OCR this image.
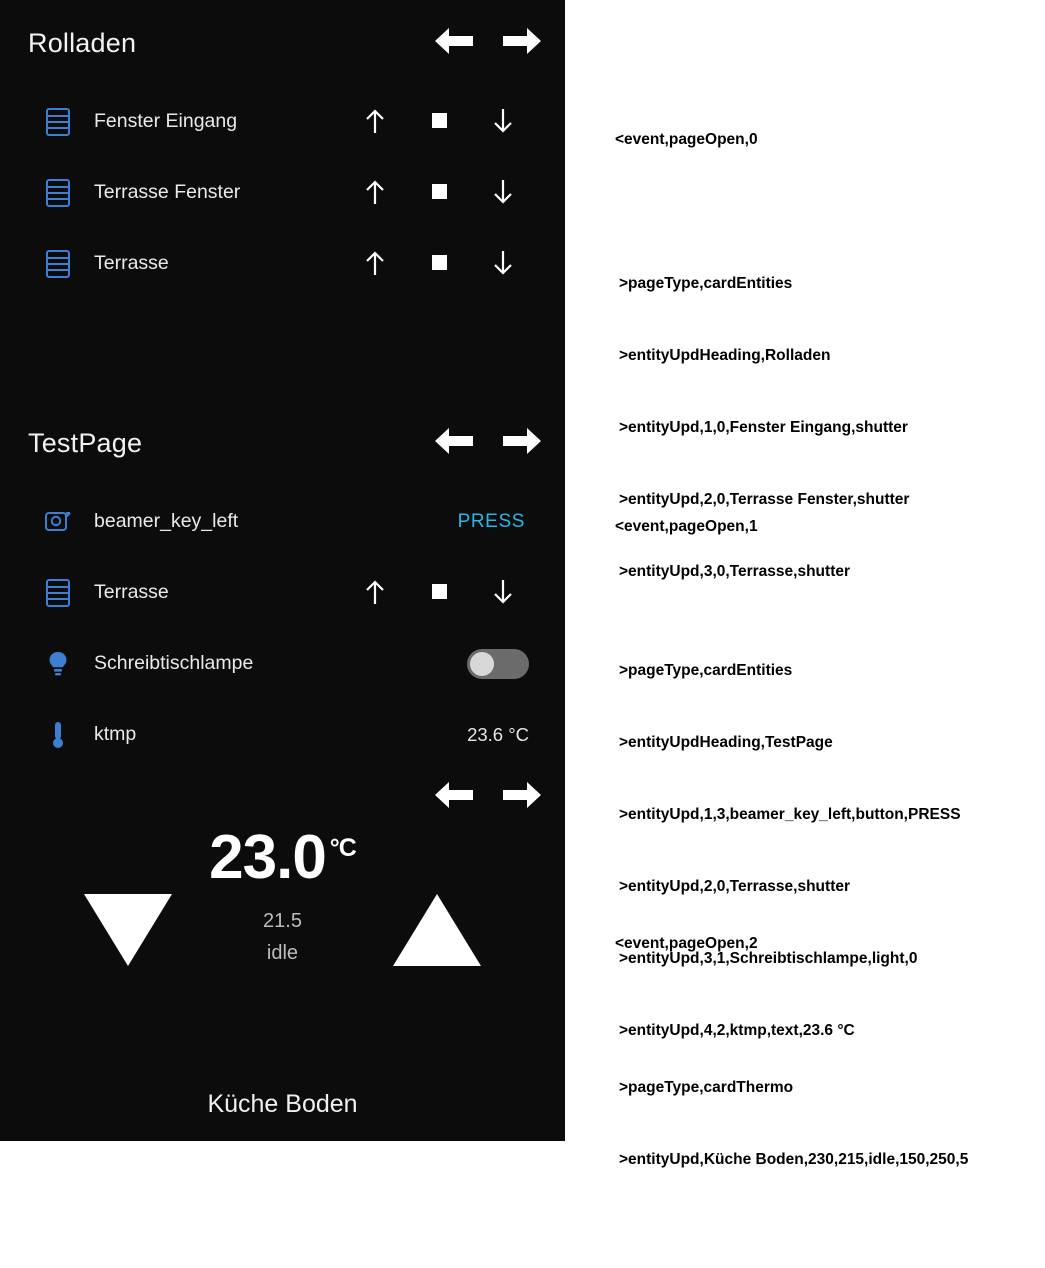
Rolladen
Fenster Eingang
Terrasse Fenster
Terrasse
TestPage
beamer_key_left	PRESS
Terrasse
Schreibtischlampe
ktmp	23.6 °C
23.0 $^{^\circ C}$
21.5
idle
Küche Boden

<event,pageOpen,0

>pageType,cardEntities

>entityUpdHeading,Rolladen

>entityUpd,1,0,Fenster Eingang,shutter

>entityUpd,2,0,Terrasse Fenster,shutter

>entityUpd,3,0,Terrasse,shutter

<event,pageOpen,1

>pageType,cardEntities

>entityUpdHeading,TestPage

>entityUpd,1,3,beamer_key_left,button,PRESS

>entityUpd,2,0,Terrasse,shutter

>entityUpd,3,1,Schreibtischlampe,light,0

>entityUpd,4,2,ktmp,text,23.6 °C

<event,pageOpen,2

>pageType,cardThermo

>entityUpd,Küche Boden,230,215,idle,150,250,5
